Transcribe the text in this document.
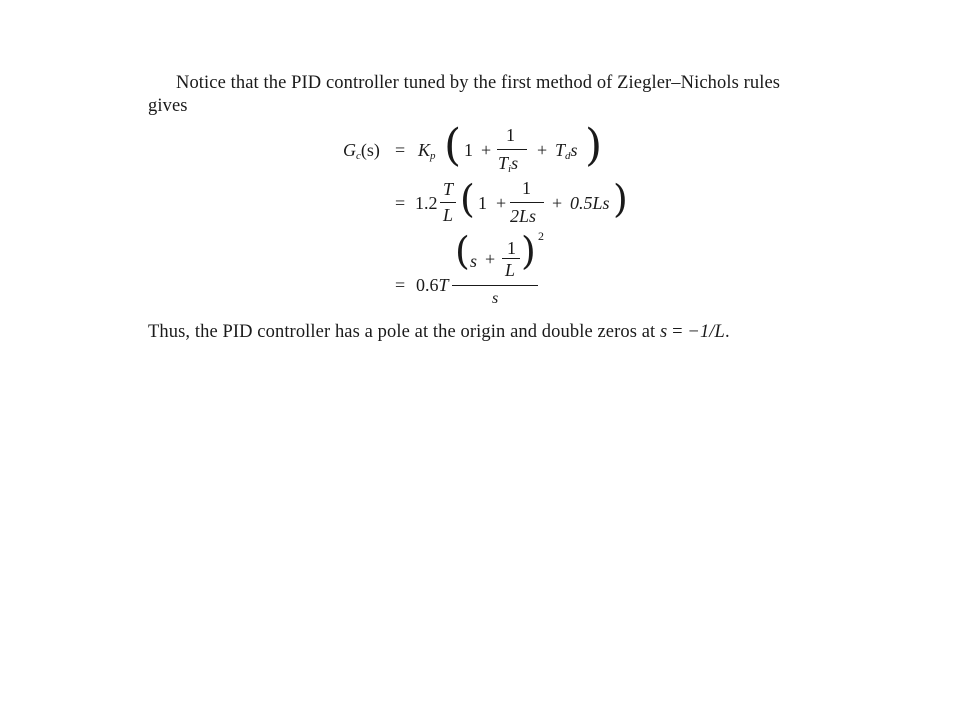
Notice that the PID controller tuned by the first method of Ziegler–Nichols rules
gives
$G_c(s) = K_p$ ( 1 +
1
$T_is$
+ $T_ds$ )
= 1.2
T
L ( 1 +
1
2Ls
+ 0.5Ls )
= 0.6T
( s +
1
L ) 2
s
Thus, the PID controller has a pole at the origin and double zeros at s = −1/L.
